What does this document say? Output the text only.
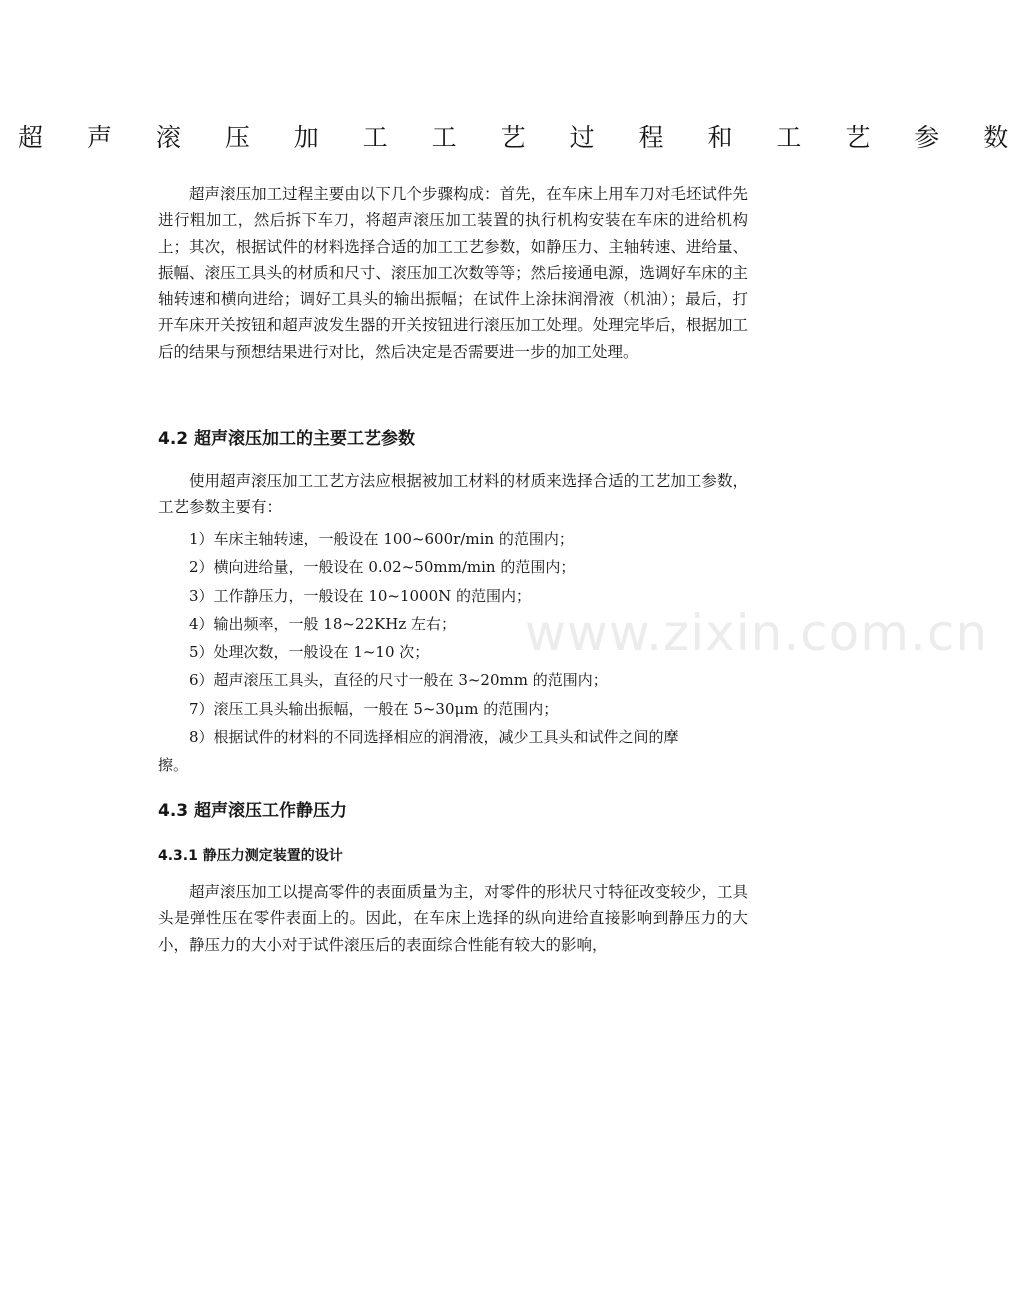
超 声 滚 压 加 工 工 艺 过 程 和 工 艺 参 数

超声滚压加工过程主要由以下几个步骤构成：首先，在车床上用车刀对毛坯试件先进行粗加工，然后拆下车刀，将超声滚压加工装置的执行机构安装在车床的进给机构上；其次，根据试件的材料选择合适的加工工艺参数，如静压力、主轴转速、进给量、振幅、滚压工具头的材质和尺寸、滚压加工次数等等；然后接通电源，选调好车床的主轴转速和横向进给；调好工具头的输出振幅；在试件上涂抹润滑液（机油）；最后，打开车床开关按钮和超声波发生器的开关按钮进行滚压加工处理。处理完毕后，根据加工后的结果与预想结果进行对比，然后决定是否需要进一步的加工处理。

4.2 超声滚压加工的主要工艺参数

使用超声滚压加工工艺方法应根据被加工材料的材质来选择合适的工艺加工参数，工艺参数主要有：

1）车床主轴转速，一般设在 100~600r/min 的范围内；
2）横向进给量，一般设在 0.02~50mm/min 的范围内；
3）工作静压力，一般设在 10~1000N 的范围内；
4）输出频率，一般 18~22KHz 左右；
5）处理次数，一般设在 1~10 次；
6）超声滚压工具头，直径的尺寸一般在 3~20mm 的范围内；
7）滚压工具头输出振幅，一般在 5~30μm 的范围内；
8）根据试件的材料的不同选择相应的润滑液，减少工具头和试件之间的摩
擦。
4.3 超声滚压工作静压力
4.3.1 静压力测定装置的设计

超声滚压加工以提高零件的表面质量为主，对零件的形状尺寸特征改变较少，工具头是弹性压在零件表面上的。因此，在车床上选择的纵向进给直接影响到静压力的大小，静压力的大小对于试件滚压后的表面综合性能有较大的影响，

www.zixin.com.cn
